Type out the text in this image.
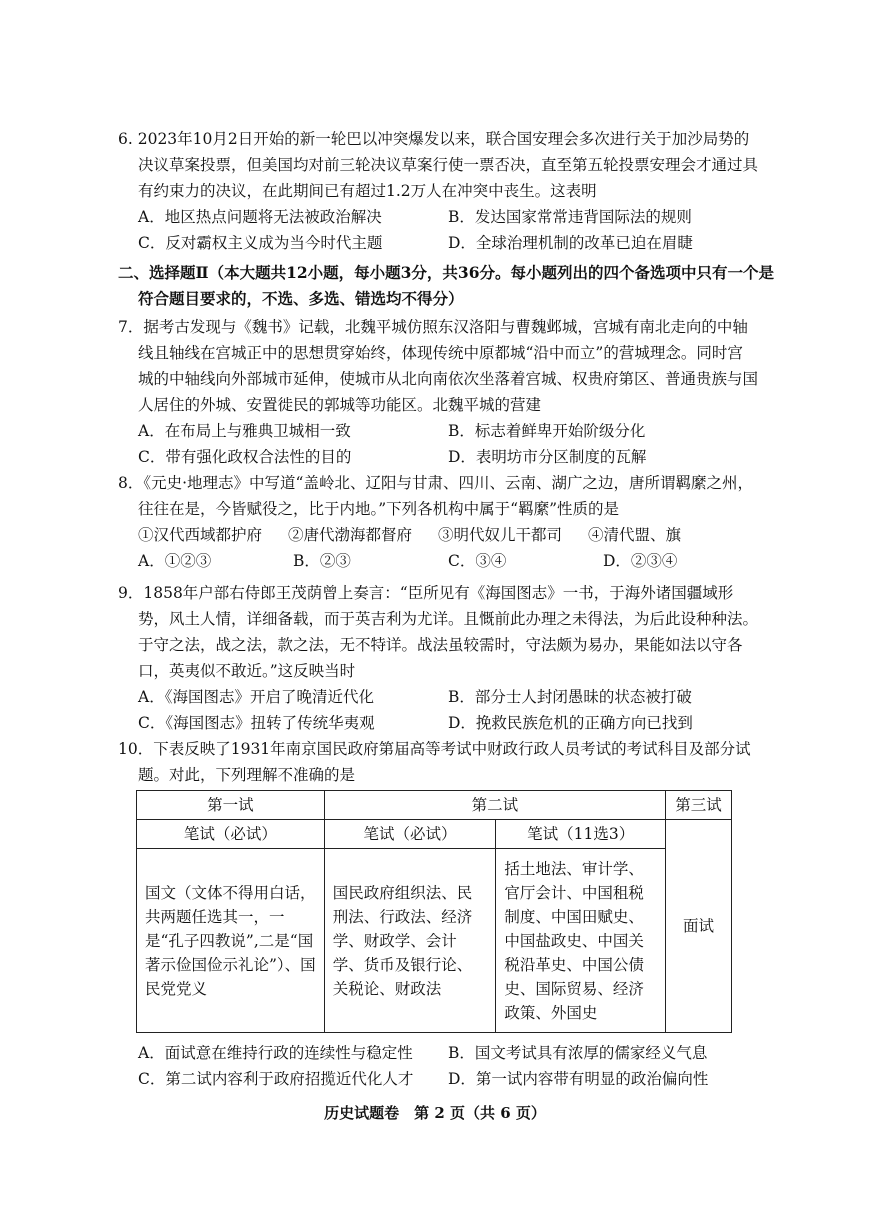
6. 2023年10月2日开始的新一轮巴以冲突爆发以来，联合国安理会多次进行关于加沙局势的决议草案投票，但美国均对前三轮决议草案行使一票否决，直至第五轮投票安理会才通过具有约束力的决议，在此期间已有超过1.2万人在冲突中丧生。这表明
A．地区热点问题将无法被政治解决	B．发达国家常常违背国际法的规则
C．反对霸权主义成为当今时代主题	D．全球治理机制的改革已迫在眉睫
二、选择题Ⅱ（本大题共12小题，每小题3分，共36分。每小题列出的四个备选项中只有一个是符合题目要求的，不选、多选、错选均不得分）
7．据考古发现与《魏书》记载，北魏平城仿照东汉洛阳与曹魏邺城，宫城有南北走向的中轴线且轴线在宫城正中的思想贯穿始终，体现传统中原都城“沿中而立”的营城理念。同时宫城的中轴线向外部城市延伸，使城市从北向南依次坐落着宫城、权贵府第区、普通贵族与国人居住的外城、安置徙民的郭城等功能区。北魏平城的营建
A．在布局上与雅典卫城相一致	B．标志着鲜卑开始阶级分化
C．带有强化政权合法性的目的	D．表明坊市分区制度的瓦解
8．《元史·地理志》中写道“盖岭北、辽阳与甘肃、四川、云南、湖广之边，唐所谓羁縻之州，往往在是，今皆赋役之，比于内地。”下列各机构中属于“羁縻”性质的是
①汉代西域都护府 ②唐代渤海都督府 ③明代奴儿干都司 ④清代盟、旗
A．①②③	B．②③	C．③④	D．②③④
9．1858年户部右侍郎王茂荫曾上奏言：“臣所见有《海国图志》一书，于海外诸国疆域形势，风土人情，详细备载，而于英吉利为尤详。且慨前此办理之未得法，为后此设种种法。于守之法，战之法，款之法，无不特详。战法虽较需时，守法颇为易办，果能如法以守各口，英夷似不敢近。”这反映当时
A．《海国图志》开启了晚清近代化	B．部分士人封闭愚昧的状态被打破
C．《海国图志》扭转了传统华夷观	D．挽救民族危机的正确方向已找到
10．下表反映了1931年南京国民政府第届高等考试中财政行政人员考试的考试科目及部分试题。对此，下列理解不准确的是
第一试	第二试		第三试
笔试（必试）	笔试（必试）	笔试（11选3）	面试
国文（文体不得用白话，共两题任选其一，一是“孔子四教说”,二是“国著示俭国俭示礼论”）、国民党党义	国民政府组织法、民刑法、行政法、经济学、财政学、会计学、货币及银行论、关税论、财政法	括土地法、审计学、官厅会计、中国租税制度、中国田赋史、中国盐政史、中国关税沿革史、中国公债史、国际贸易、经济政策、外国史	
A．面试意在维持行政的连续性与稳定性	B．国文考试具有浓厚的儒家经义气息
C．第二试内容利于政府招揽近代化人才	D．第一试内容带有明显的政治偏向性
历史试题卷　第 2 页（共 6 页）
